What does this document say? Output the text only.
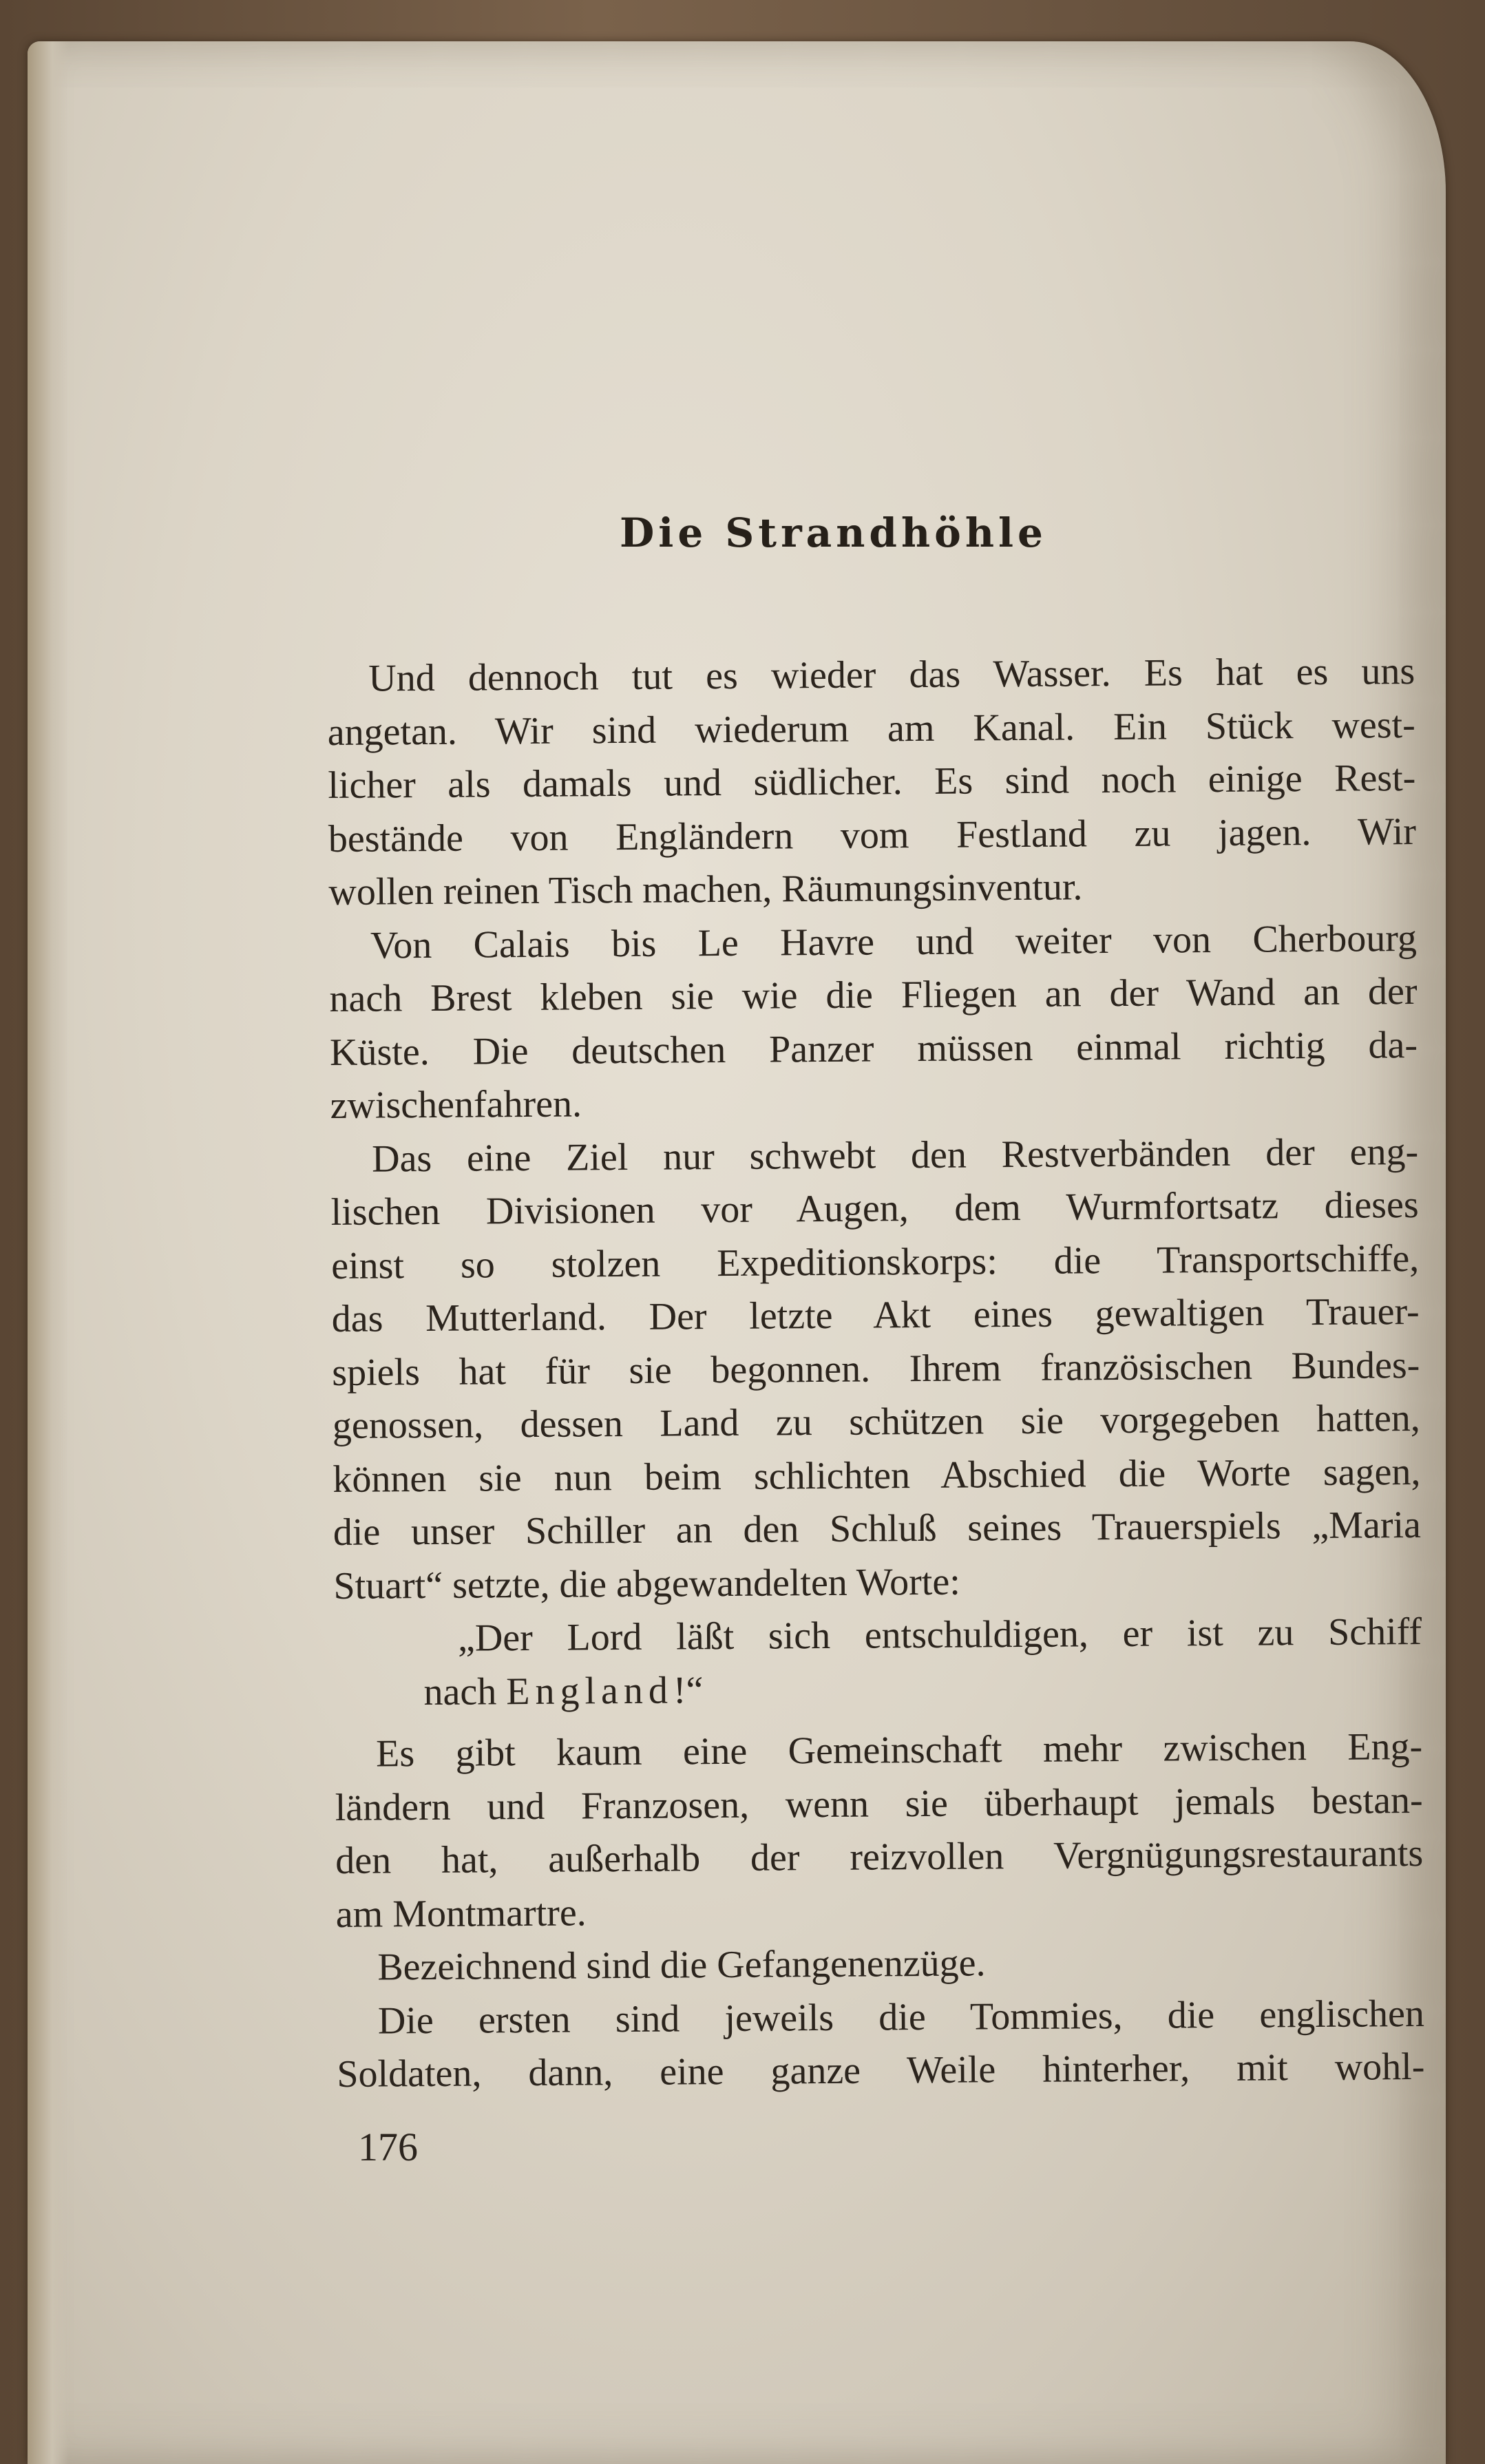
Die Strandhöhle
Und dennoch tut es wieder das Wasser. Es hat es uns
angetan. Wir sind wiederum am Kanal. Ein Stück west-
licher als damals und südlicher. Es sind noch einige Rest-
bestände von Engländern vom Festland zu jagen. Wir
wollen reinen Tisch machen, Räumungsinventur.
Von Calais bis Le Havre und weiter von Cherbourg
nach Brest kleben sie wie die Fliegen an der Wand an der
Küste. Die deutschen Panzer müssen einmal richtig da-
zwischenfahren.
Das eine Ziel nur schwebt den Restverbänden der eng-
lischen Divisionen vor Augen, dem Wurmfortsatz dieses
einst so stolzen Expeditionskorps: die Transportschiffe,
das Mutterland. Der letzte Akt eines gewaltigen Trauer-
spiels hat für sie begonnen. Ihrem französischen Bundes-
genossen, dessen Land zu schützen sie vorgegeben hatten,
können sie nun beim schlichten Abschied die Worte sagen,
die unser Schiller an den Schluß seines Trauerspiels „Maria
Stuart“ setzte, die abgewandelten Worte:
„Der Lord läßt sich entschuldigen, er ist zu Schiff
nach England!“
Es gibt kaum eine Gemeinschaft mehr zwischen Eng-
ländern und Franzosen, wenn sie überhaupt jemals bestan-
den hat, außerhalb der reizvollen Vergnügungsrestaurants
am Montmartre.
Bezeichnend sind die Gefangenenzüge.
Die ersten sind jeweils die Tommies, die englischen
Soldaten, dann, eine ganze Weile hinterher, mit wohl-
176
